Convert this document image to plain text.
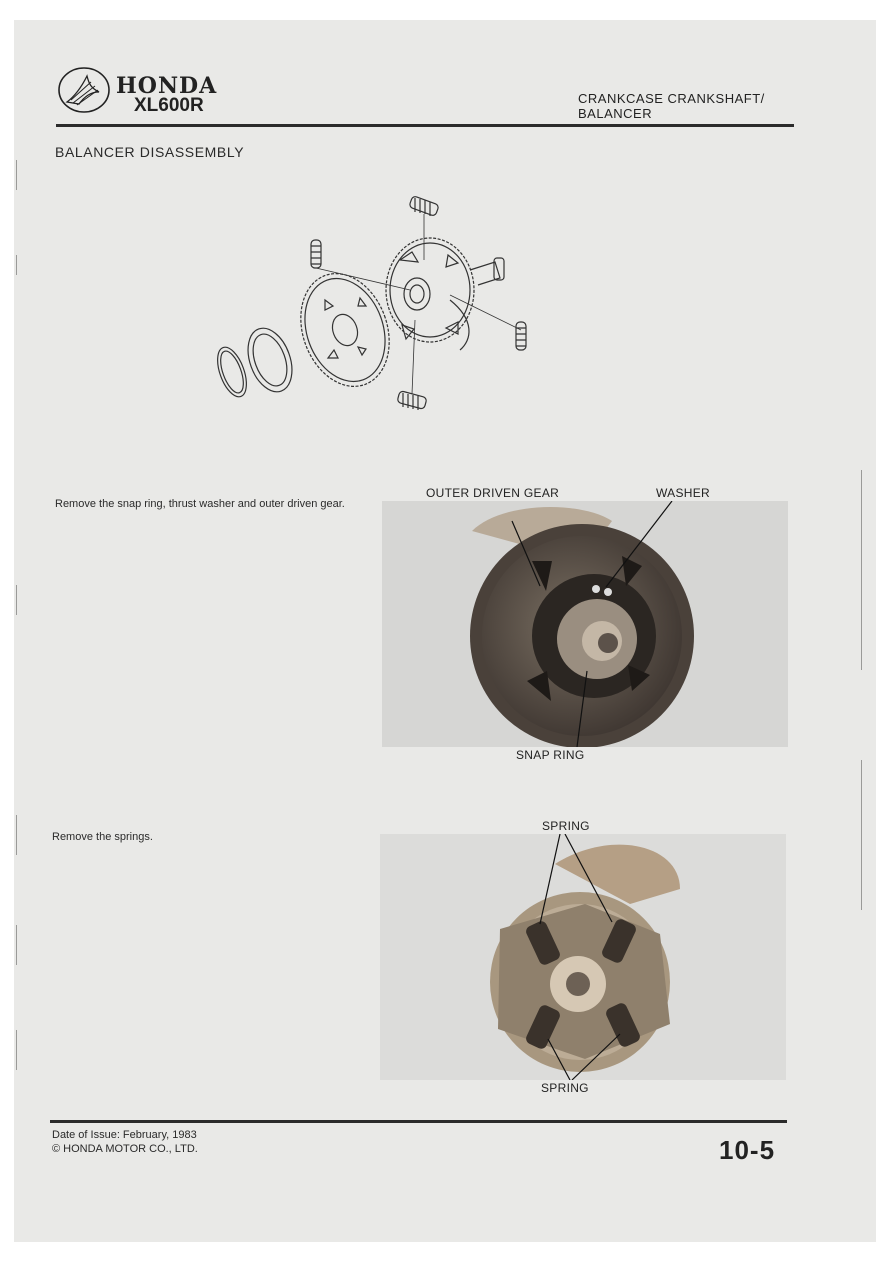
HONDA
XL600R	CRANKCASE CRANKSHAFT/
BALANCER
BALANCER DISASSEMBLY
Remove the snap ring, thrust washer and outer driven gear.
OUTER DRIVEN GEAR	WASHER
SNAP RING
Remove the springs.
SPRING
SPRING
Date of Issue: February, 1983
© HONDA MOTOR CO., LTD.	10-5
